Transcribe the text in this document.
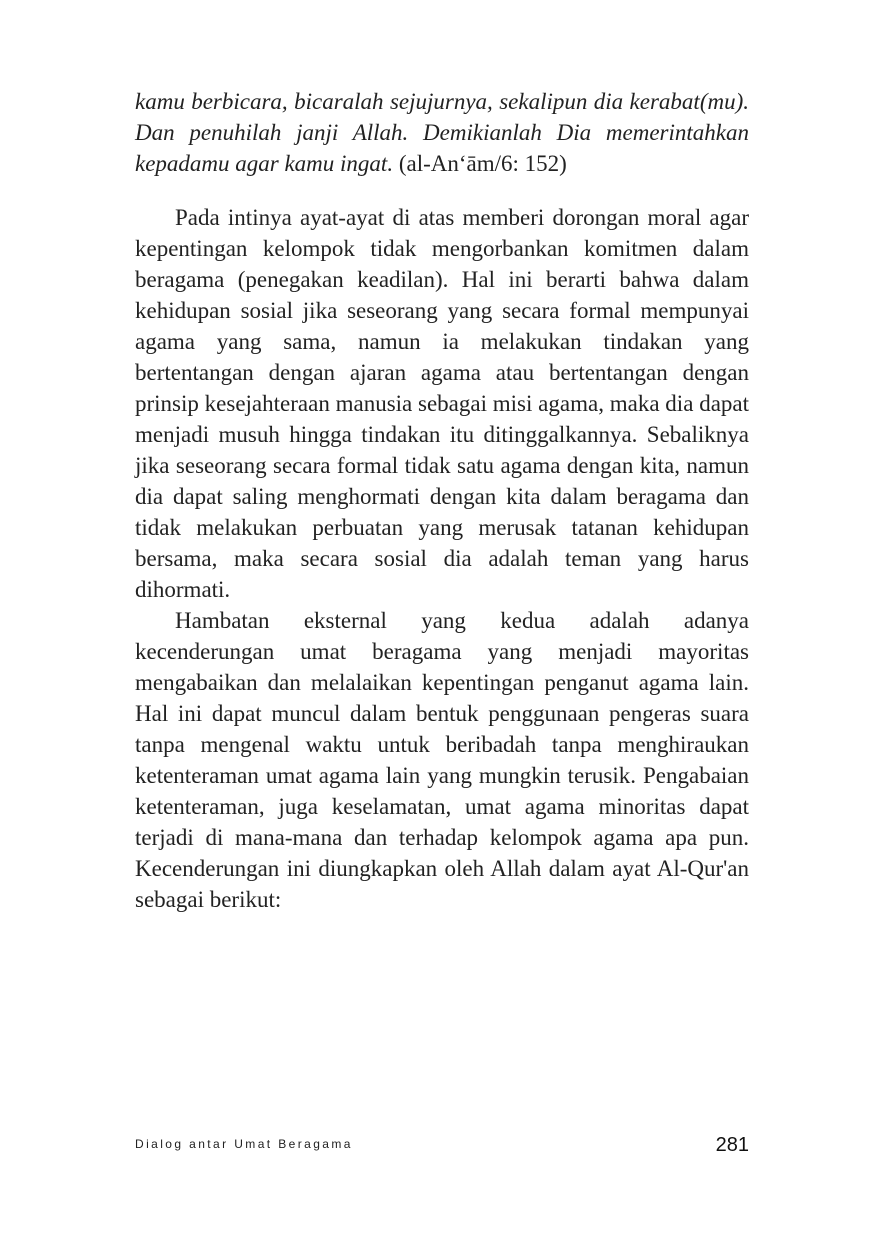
kamu berbicara, bicaralah sejujurnya, sekalipun dia kerabat(mu). Dan penuhilah janji Allah. Demikianlah Dia memerintahkan kepadamu agar kamu ingat. (al-An‘ām/6: 152)

Pada intinya ayat-ayat di atas memberi dorongan moral agar kepentingan kelompok tidak mengorbankan komitmen dalam beragama (penegakan keadilan). Hal ini berarti bahwa dalam kehidupan sosial jika seseorang yang secara formal mempunyai agama yang sama, namun ia melakukan tindakan yang bertentangan dengan ajaran agama atau bertentangan dengan prinsip kesejahteraan manusia sebagai misi agama, maka dia dapat menjadi musuh hingga tindakan itu ditinggalkannya. Sebaliknya jika seseorang secara formal tidak satu agama dengan kita, namun dia dapat saling menghormati dengan kita dalam beragama dan tidak melakukan perbuatan yang merusak tatanan kehidupan bersama, maka secara sosial dia adalah teman yang harus dihormati.

Hambatan eksternal yang kedua adalah adanya kecenderungan umat beragama yang menjadi mayoritas mengabaikan dan melalaikan kepentingan penganut agama lain. Hal ini dapat muncul dalam bentuk penggunaan pengeras suara tanpa mengenal waktu untuk beribadah tanpa menghiraukan ketenteraman umat agama lain yang mungkin terusik. Pengabaian ketenteraman, juga keselamatan, umat agama minoritas dapat terjadi di mana-mana dan terhadap kelompok agama apa pun. Kecenderungan ini diungkapkan oleh Allah dalam ayat Al-Qur'an sebagai berikut:

Dialog antar Umat Beragama	281
